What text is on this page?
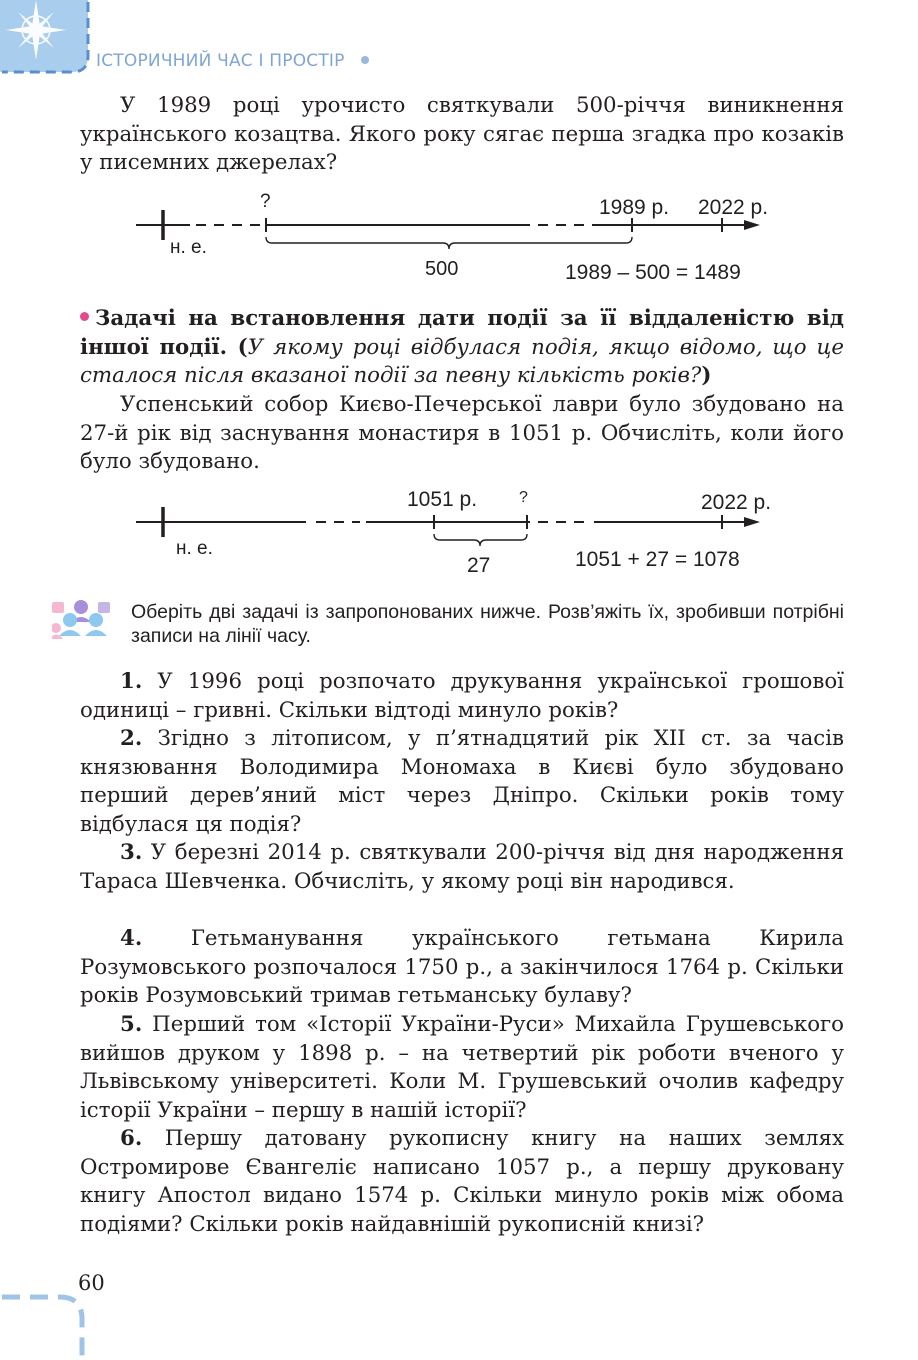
ІСТОРИЧНИЙ ЧАС І ПРОСТІР

У 1989 році урочисто святкували 500-річчя виникнення українського козацтва. Якого року сягає перша згадка про козаків у писемних джерелах?

н. е.
?	1989 р. 2022 р.
500	1989 – 500 = 1489

Задачі на встановлення дати події за її віддаленістю від іншої події. (У якому році відбулася подія, якщо відомо, що це сталося після вказаної події за певну кількість років?)

Успенський собор Києво-Печерської лаври було збудовано на 27-й рік від заснування монастиря в 1051 р. Обчисліть, коли його було збудовано.

н. е.
1051 р.	?	2022 р.
27	1051 + 27 = 1078

Оберіть дві задачі із запропонованих нижче. Розв’яжіть їх, зробивши потрібні записи на лінії часу.

1. У 1996 році розпочато друкування української грошової одиниці – гривні. Скільки відтоді минуло років?

2. Згідно з літописом, у п’ятнадцятий рік XII ст. за часів князювання Володимира Мономаха в Києві було збудовано перший дерев’яний міст через Дніпро. Скільки років тому відбулася ця подія?

3. У березні 2014 р. святкували 200-річчя від дня народження Тараса Шевченка. Обчисліть, у якому році він народився.

4. Гетьманування українського гетьмана Кирила Розумовського розпочалося 1750 р., а закінчилося 1764 р. Скільки років Розумовський тримав гетьманську булаву?

5. Перший том «Історії України-Руси» Михайла Грушевського вийшов друком у 1898 р. – на четвертий рік роботи вченого у Львівському університеті. Коли М. Грушевський очолив кафедру історії України – першу в нашій історії?

6. Першу датовану рукописну книгу на наших землях Остромирове Євангеліє написано 1057 р., а першу друковану книгу Апостол видано 1574 р. Скільки минуло років між обома подіями? Скільки років найдавнішій рукописній книзі?

60
